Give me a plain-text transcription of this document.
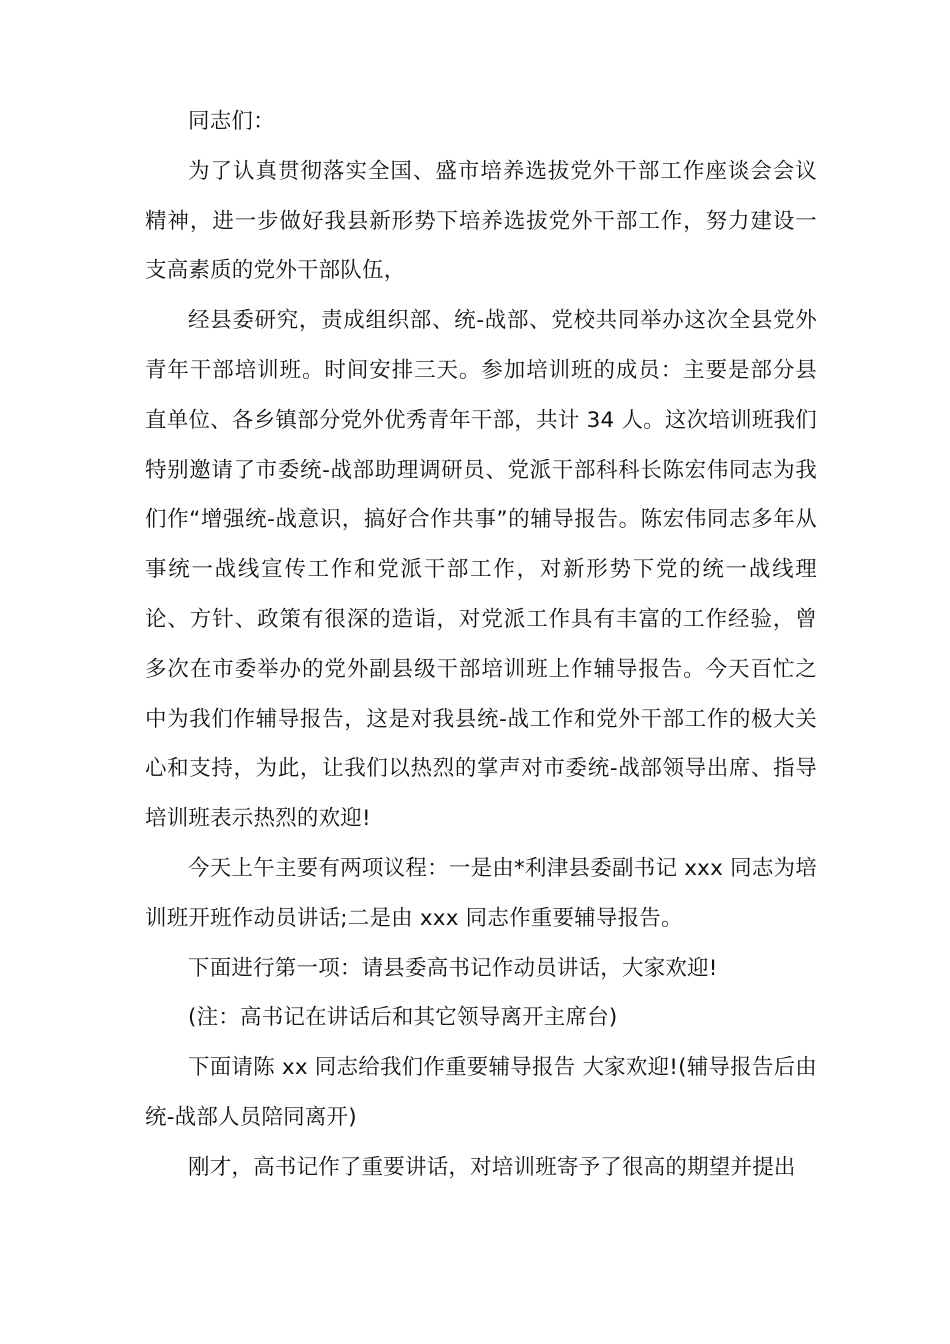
同志们：

为了认真贯彻落实全国、盛市培养选拔党外干部工作座谈会会议精神，进一步做好我县新形势下培养选拔党外干部工作，努力建设一支高素质的党外干部队伍，

经县委研究，责成组织部、统-战部、党校共同举办这次全县党外青年干部培训班。时间安排三天。参加培训班的成员：主要是部分县直单位、各乡镇部分党外优秀青年干部，共计 34 人。这次培训班我们特别邀请了市委统-战部助理调研员、党派干部科科长陈宏伟同志为我们作“增强统-战意识，搞好合作共事”的辅导报告。陈宏伟同志多年从事统一战线宣传工作和党派干部工作，对新形势下党的统一战线理论、方针、政策有很深的造诣，对党派工作具有丰富的工作经验，曾多次在市委举办的党外副县级干部培训班上作辅导报告。今天百忙之中为我们作辅导报告，这是对我县统-战工作和党外干部工作的极大关心和支持，为此，让我们以热烈的掌声对市委统-战部领导出席、指导培训班表示热烈的欢迎!

今天上午主要有两项议程：一是由*利津县委副书记 xxx 同志为培训班开班作动员讲话;二是由 xxx 同志作重要辅导报告。

下面进行第一项：请县委高书记作动员讲话，大家欢迎!

(注：高书记在讲话后和其它领导离开主席台)

下面请陈 xx 同志给我们作重要辅导报告 大家欢迎!(辅导报告后由统-战部人员陪同离开)

刚才，高书记作了重要讲话，对培训班寄予了很高的期望并提出
